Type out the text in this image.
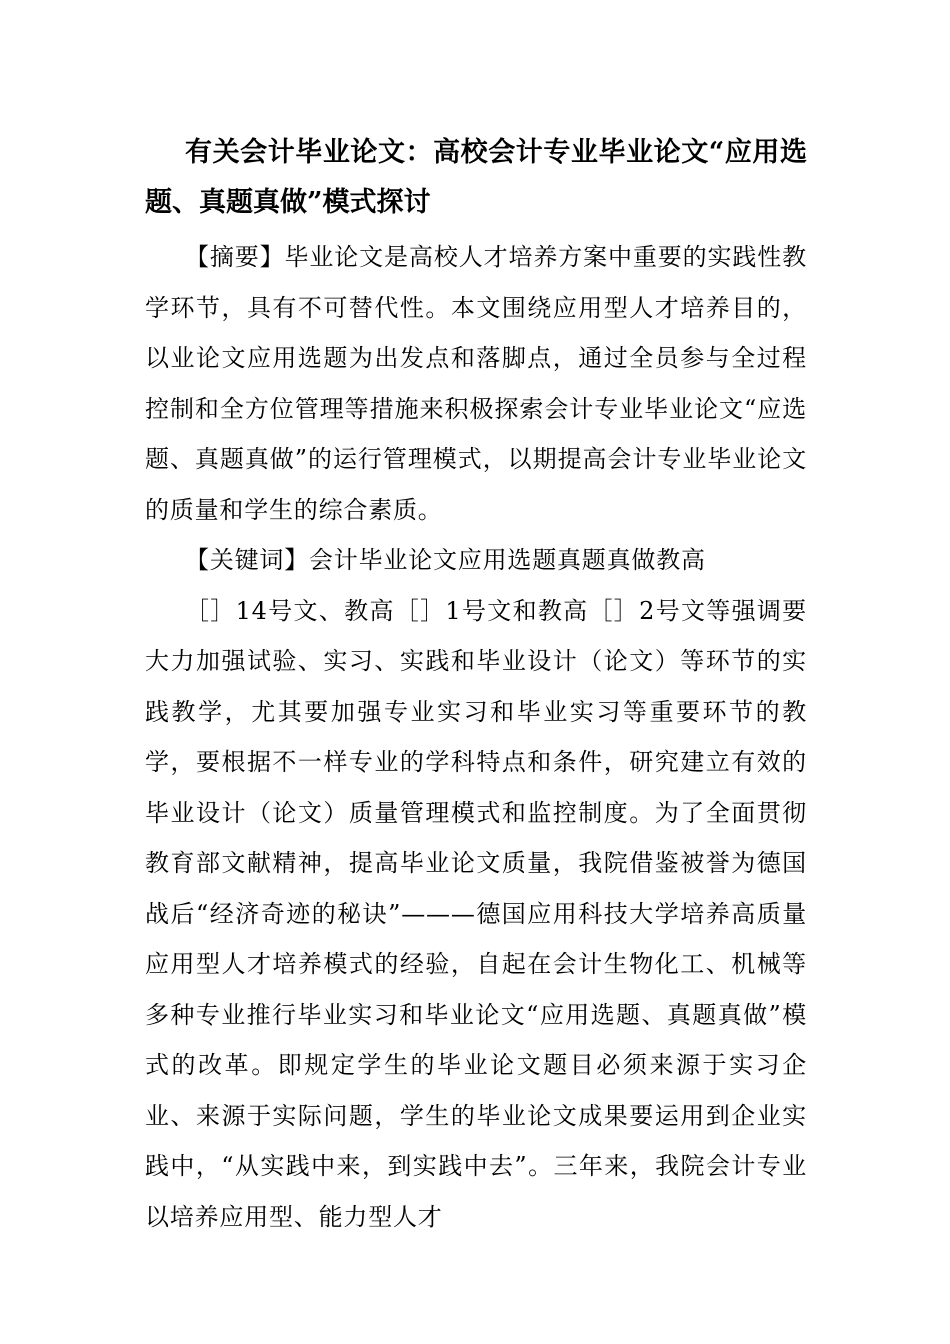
有关会计毕业论文：高校会计专业毕业论文“应用选题、真题真做”模式探讨

【摘要】毕业论文是高校人才培养方案中重要的实践性教学环节，具有不可替代性。本文围绕应用型人才培养目的，以业论文应用选题为出发点和落脚点，通过全员参与全过程控制和全方位管理等措施来积极探索会计专业毕业论文“应选题、真题真做”的运行管理模式，以期提高会计专业毕业论文的质量和学生的综合素质。

【关键词】会计毕业论文应用选题真题真做教高

［］14号文、教高［］1号文和教高［］2号文等强调要大力加强试验、实习、实践和毕业设计（论文）等环节的实践教学，尤其要加强专业实习和毕业实习等重要环节的教学，要根据不一样专业的学科特点和条件，研究建立有效的毕业设计（论文）质量管理模式和监控制度。为了全面贯彻教育部文献精神，提高毕业论文质量，我院借鉴被誉为德国战后“经济奇迹的秘诀”———德国应用科技大学培养高质量应用型人才培养模式的经验，自起在会计生物化工、机械等多种专业推行毕业实习和毕业论文“应用选题、真题真做”模式的改革。即规定学生的毕业论文题目必须来源于实习企业、来源于实际问题，学生的毕业论文成果要运用到企业实践中，“从实践中来，到实践中去”。三年来，我院会计专业以培养应用型、能力型人才
